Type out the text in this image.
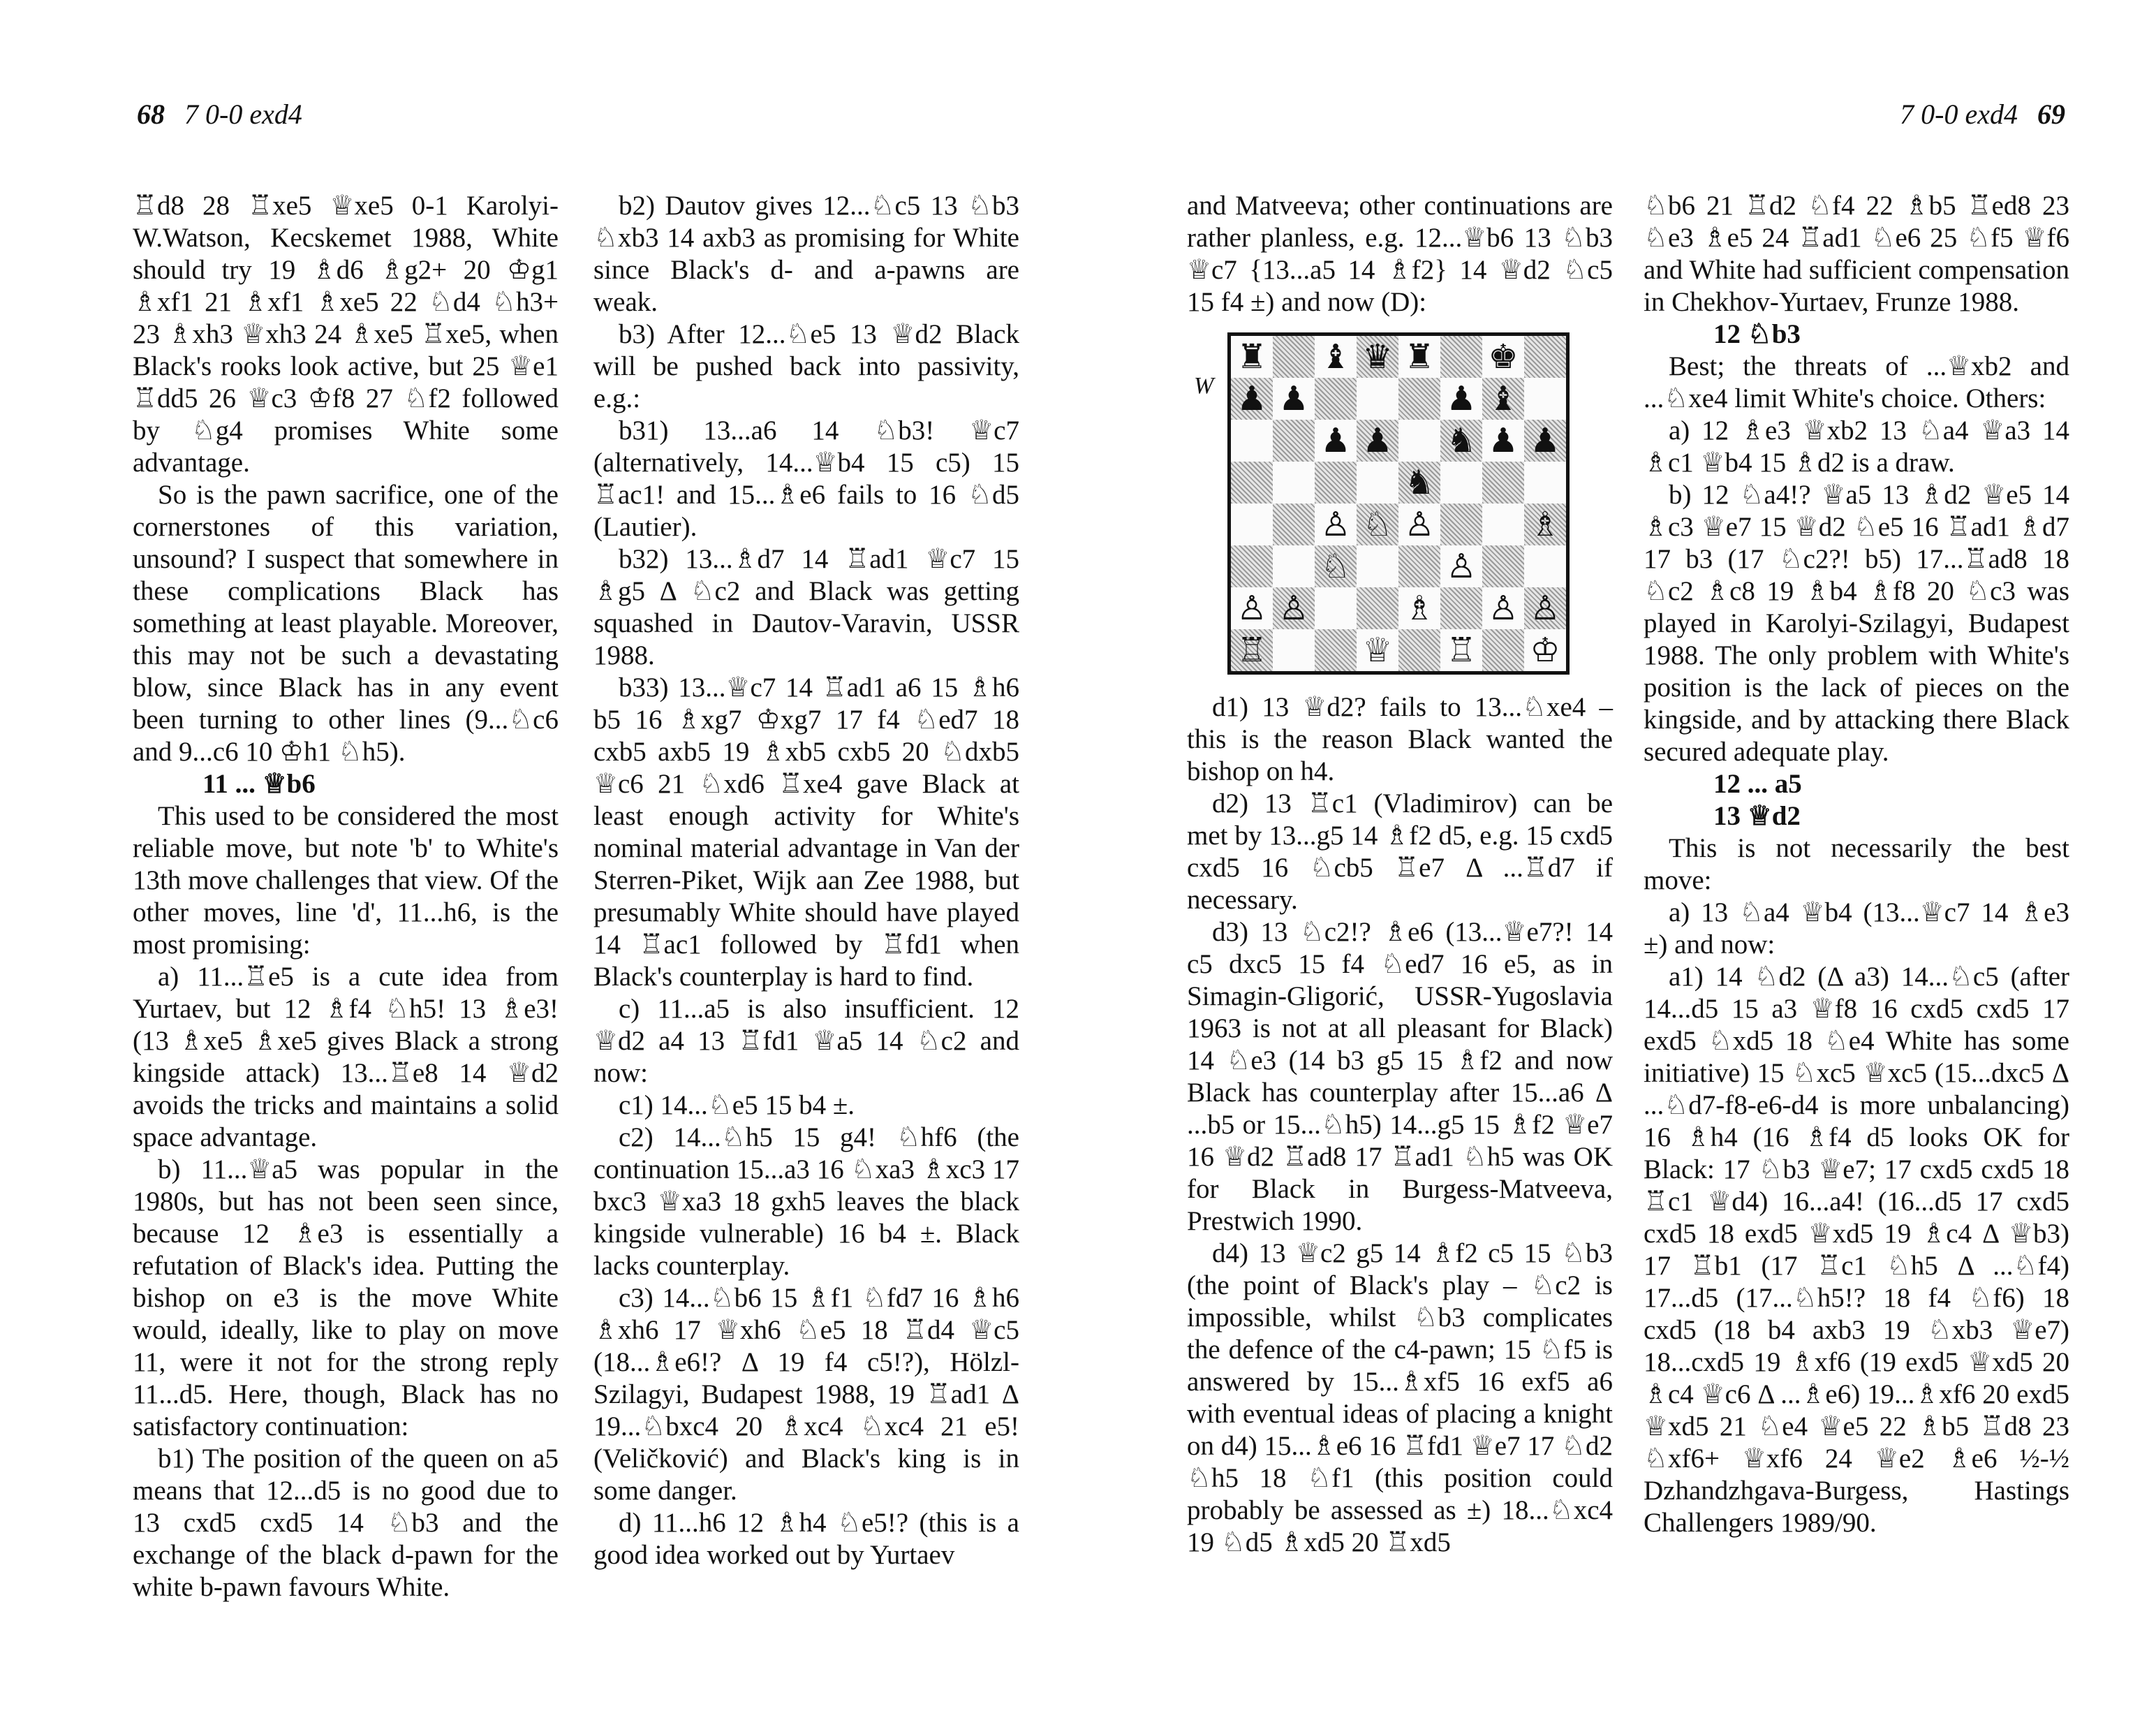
68 7 0-0 exd4	7 0-0 exd4 69

♖d8 28 ♖xe5 ♕xe5 0-1 Karolyi-W.Watson, Kecskemet 1988, White should try 19 ♗d6 ♗g2+ 20 ♔g1 ♗xf1 21 ♗xf1 ♗xe5 22 ♘d4 ♘h3+ 23 ♗xh3 ♕xh3 24 ♗xe5 ♖xe5, when Black's rooks look active, but 25 ♕e1 ♖dd5 26 ♕c3 ♔f8 27 ♘f2 followed by ♘g4 promises White some advantage.

So is the pawn sacrifice, one of the cornerstones of this variation, unsound? I suspect that somewhere in these complications Black has something at least playable. Moreover, this may not be such a devastating blow, since Black has in any event been turning to other lines (9...♘c6 and 9...c6 10 ♔h1 ♘h5).

11 ... ♕b6

This used to be considered the most reliable move, but note 'b' to White's 13th move challenges that view. Of the other moves, line 'd', 11...h6, is the most promising:

a) 11...♖e5 is a cute idea from Yurtaev, but 12 ♗f4 ♘h5! 13 ♗e3! (13 ♗xe5 ♗xe5 gives Black a strong kingside attack) 13...♖e8 14 ♕d2 avoids the tricks and maintains a solid space advantage.

b) 11...♕a5 was popular in the 1980s, but has not been seen since, because 12 ♗e3 is essentially a refutation of Black's idea. Putting the bishop on e3 is the move White would, ideally, like to play on move 11, were it not for the strong reply 11...d5. Here, though, Black has no satisfactory continuation:

b1) The position of the queen on a5 means that 12...d5 is no good due to 13 cxd5 cxd5 14 ♘b3 and the exchange of the black d-pawn for the white b-pawn favours White.

b2) Dautov gives 12...♘c5 13 ♘b3 ♘xb3 14 axb3 as promising for White since Black's d- and a-pawns are weak.

b3) After 12...♘e5 13 ♕d2 Black will be pushed back into passivity, e.g.:

b31) 13...a6 14 ♘b3! ♕c7 (alternatively, 14...♕b4 15 c5) 15 ♖ac1! and 15...♗e6 fails to 16 ♘d5 (Lautier).

b32) 13...♗d7 14 ♖ad1 ♕c7 15 ♗g5 Δ ♘c2 and Black was getting squashed in Dautov-Varavin, USSR 1988.

b33) 13...♕c7 14 ♖ad1 a6 15 ♗h6 b5 16 ♗xg7 ♔xg7 17 f4 ♘ed7 18 cxb5 axb5 19 ♗xb5 cxb5 20 ♘dxb5 ♕c6 21 ♘xd6 ♖xe4 gave Black at least enough activity for White's nominal material advantage in Van der Sterren-Piket, Wijk aan Zee 1988, but presumably White should have played 14 ♖ac1 followed by ♖fd1 when Black's counterplay is hard to find.

c) 11...a5 is also insufficient. 12 ♕d2 a4 13 ♖fd1 ♕a5 14 ♘c2 and now:

c1) 14...♘e5 15 b4 ±.

c2) 14...♘h5 15 g4! ♘hf6 (the continuation 15...a3 16 ♘xa3 ♗xc3 17 bxc3 ♕xa3 18 gxh5 leaves the black kingside vulnerable) 16 b4 ±. Black lacks counterplay.

c3) 14...♘b6 15 ♗f1 ♘fd7 16 ♗h6 ♗xh6 17 ♕xh6 ♘e5 18 ♖d4 ♕c5 (18...♗e6!? Δ 19 f4 c5!?), Hölzl-Szilagyi, Budapest 1988, 19 ♖ad1 Δ 19...♘bxc4 20 ♗xc4 ♘xc4 21 e5! (Veličković) and Black's king is in some danger.

d) 11...h6 12 ♗h4 ♘e5!? (this is a good idea worked out by Yurtaev

and Matveeva; other continuations are rather planless, e.g. 12...♕b6 13 ♘b3 ♕c7 {13...a5 14 ♗f2} 14 ♕d2 ♘c5 15 f4 ±) and now (D):

W
♜ ♝ ♛ ♜ ♚
♟ ♟	♟ ♝
♟ ♟ ♞ ♟ ♟
♞
♙ ♘ ♙	♗
♘	♙
♙ ♙	♗ ♙ ♙
♖	♕ ♖ ♔

d1) 13 ♕d2? fails to 13...♘xe4 – this is the reason Black wanted the bishop on h4.

d2) 13 ♖c1 (Vladimirov) can be met by 13...g5 14 ♗f2 d5, e.g. 15 cxd5 cxd5 16 ♘cb5 ♖e7 Δ ...♖d7 if necessary.

d3) 13 ♘c2!? ♗e6 (13...♕e7?! 14 c5 dxc5 15 f4 ♘ed7 16 e5, as in Simagin-Gligorić, USSR-Yugoslavia 1963 is not at all pleasant for Black) 14 ♘e3 (14 b3 g5 15 ♗f2 and now Black has counterplay after 15...a6 Δ ...b5 or 15...♘h5) 14...g5 15 ♗f2 ♕e7 16 ♕d2 ♖ad8 17 ♖ad1 ♘h5 was OK for Black in Burgess-Matveeva, Prestwich 1990.

d4) 13 ♕c2 g5 14 ♗f2 c5 15 ♘b3 (the point of Black's play – ♘c2 is impossible, whilst ♘b3 complicates the defence of the c4-pawn; 15 ♘f5 is answered by 15...♗xf5 16 exf5 a6 with eventual ideas of placing a knight on d4) 15...♗e6 16 ♖fd1 ♕e7 17 ♘d2 ♘h5 18 ♘f1 (this position could probably be assessed as ±) 18...♘xc4 19 ♘d5 ♗xd5 20 ♖xd5

♘b6 21 ♖d2 ♘f4 22 ♗b5 ♖ed8 23 ♘e3 ♗e5 24 ♖ad1 ♘e6 25 ♘f5 ♕f6 and White had sufficient compensation in Chekhov-Yurtaev, Frunze 1988.

12 ♘b3

Best; the threats of ...♕xb2 and ...♘xe4 limit White's choice. Others:

a) 12 ♗e3 ♕xb2 13 ♘a4 ♕a3 14 ♗c1 ♕b4 15 ♗d2 is a draw.

b) 12 ♘a4!? ♕a5 13 ♗d2 ♕e5 14 ♗c3 ♕e7 15 ♕d2 ♘e5 16 ♖ad1 ♗d7 17 b3 (17 ♘c2?! b5) 17...♖ad8 18 ♘c2 ♗c8 19 ♗b4 ♗f8 20 ♘c3 was played in Karolyi-Szilagyi, Budapest 1988. The only problem with White's position is the lack of pieces on the kingside, and by attacking there Black secured adequate play.

12 ... a5

13 ♕d2

This is not necessarily the best move:

a) 13 ♘a4 ♕b4 (13...♕c7 14 ♗e3 ±) and now:

a1) 14 ♘d2 (Δ a3) 14...♘c5 (after 14...d5 15 a3 ♕f8 16 cxd5 cxd5 17 exd5 ♘xd5 18 ♘e4 White has some initiative) 15 ♘xc5 ♕xc5 (15...dxc5 Δ ...♘d7-f8-e6-d4 is more unbalancing) 16 ♗h4 (16 ♗f4 d5 looks OK for Black: 17 ♘b3 ♕e7; 17 cxd5 cxd5 18 ♖c1 ♕d4) 16...a4! (16...d5 17 cxd5 cxd5 18 exd5 ♕xd5 19 ♗c4 Δ ♕b3) 17 ♖b1 (17 ♖c1 ♘h5 Δ ...♘f4) 17...d5 (17...♘h5!? 18 f4 ♘f6) 18 cxd5 (18 b4 axb3 19 ♘xb3 ♕e7) 18...cxd5 19 ♗xf6 (19 exd5 ♕xd5 20 ♗c4 ♕c6 Δ ...♗e6) 19...♗xf6 20 exd5 ♕xd5 21 ♘e4 ♕e5 22 ♗b5 ♖d8 23 ♘xf6+ ♕xf6 24 ♕e2 ♗e6 ½-½ Dzhandzhgava-Burgess, Hastings Challengers 1989/90.
